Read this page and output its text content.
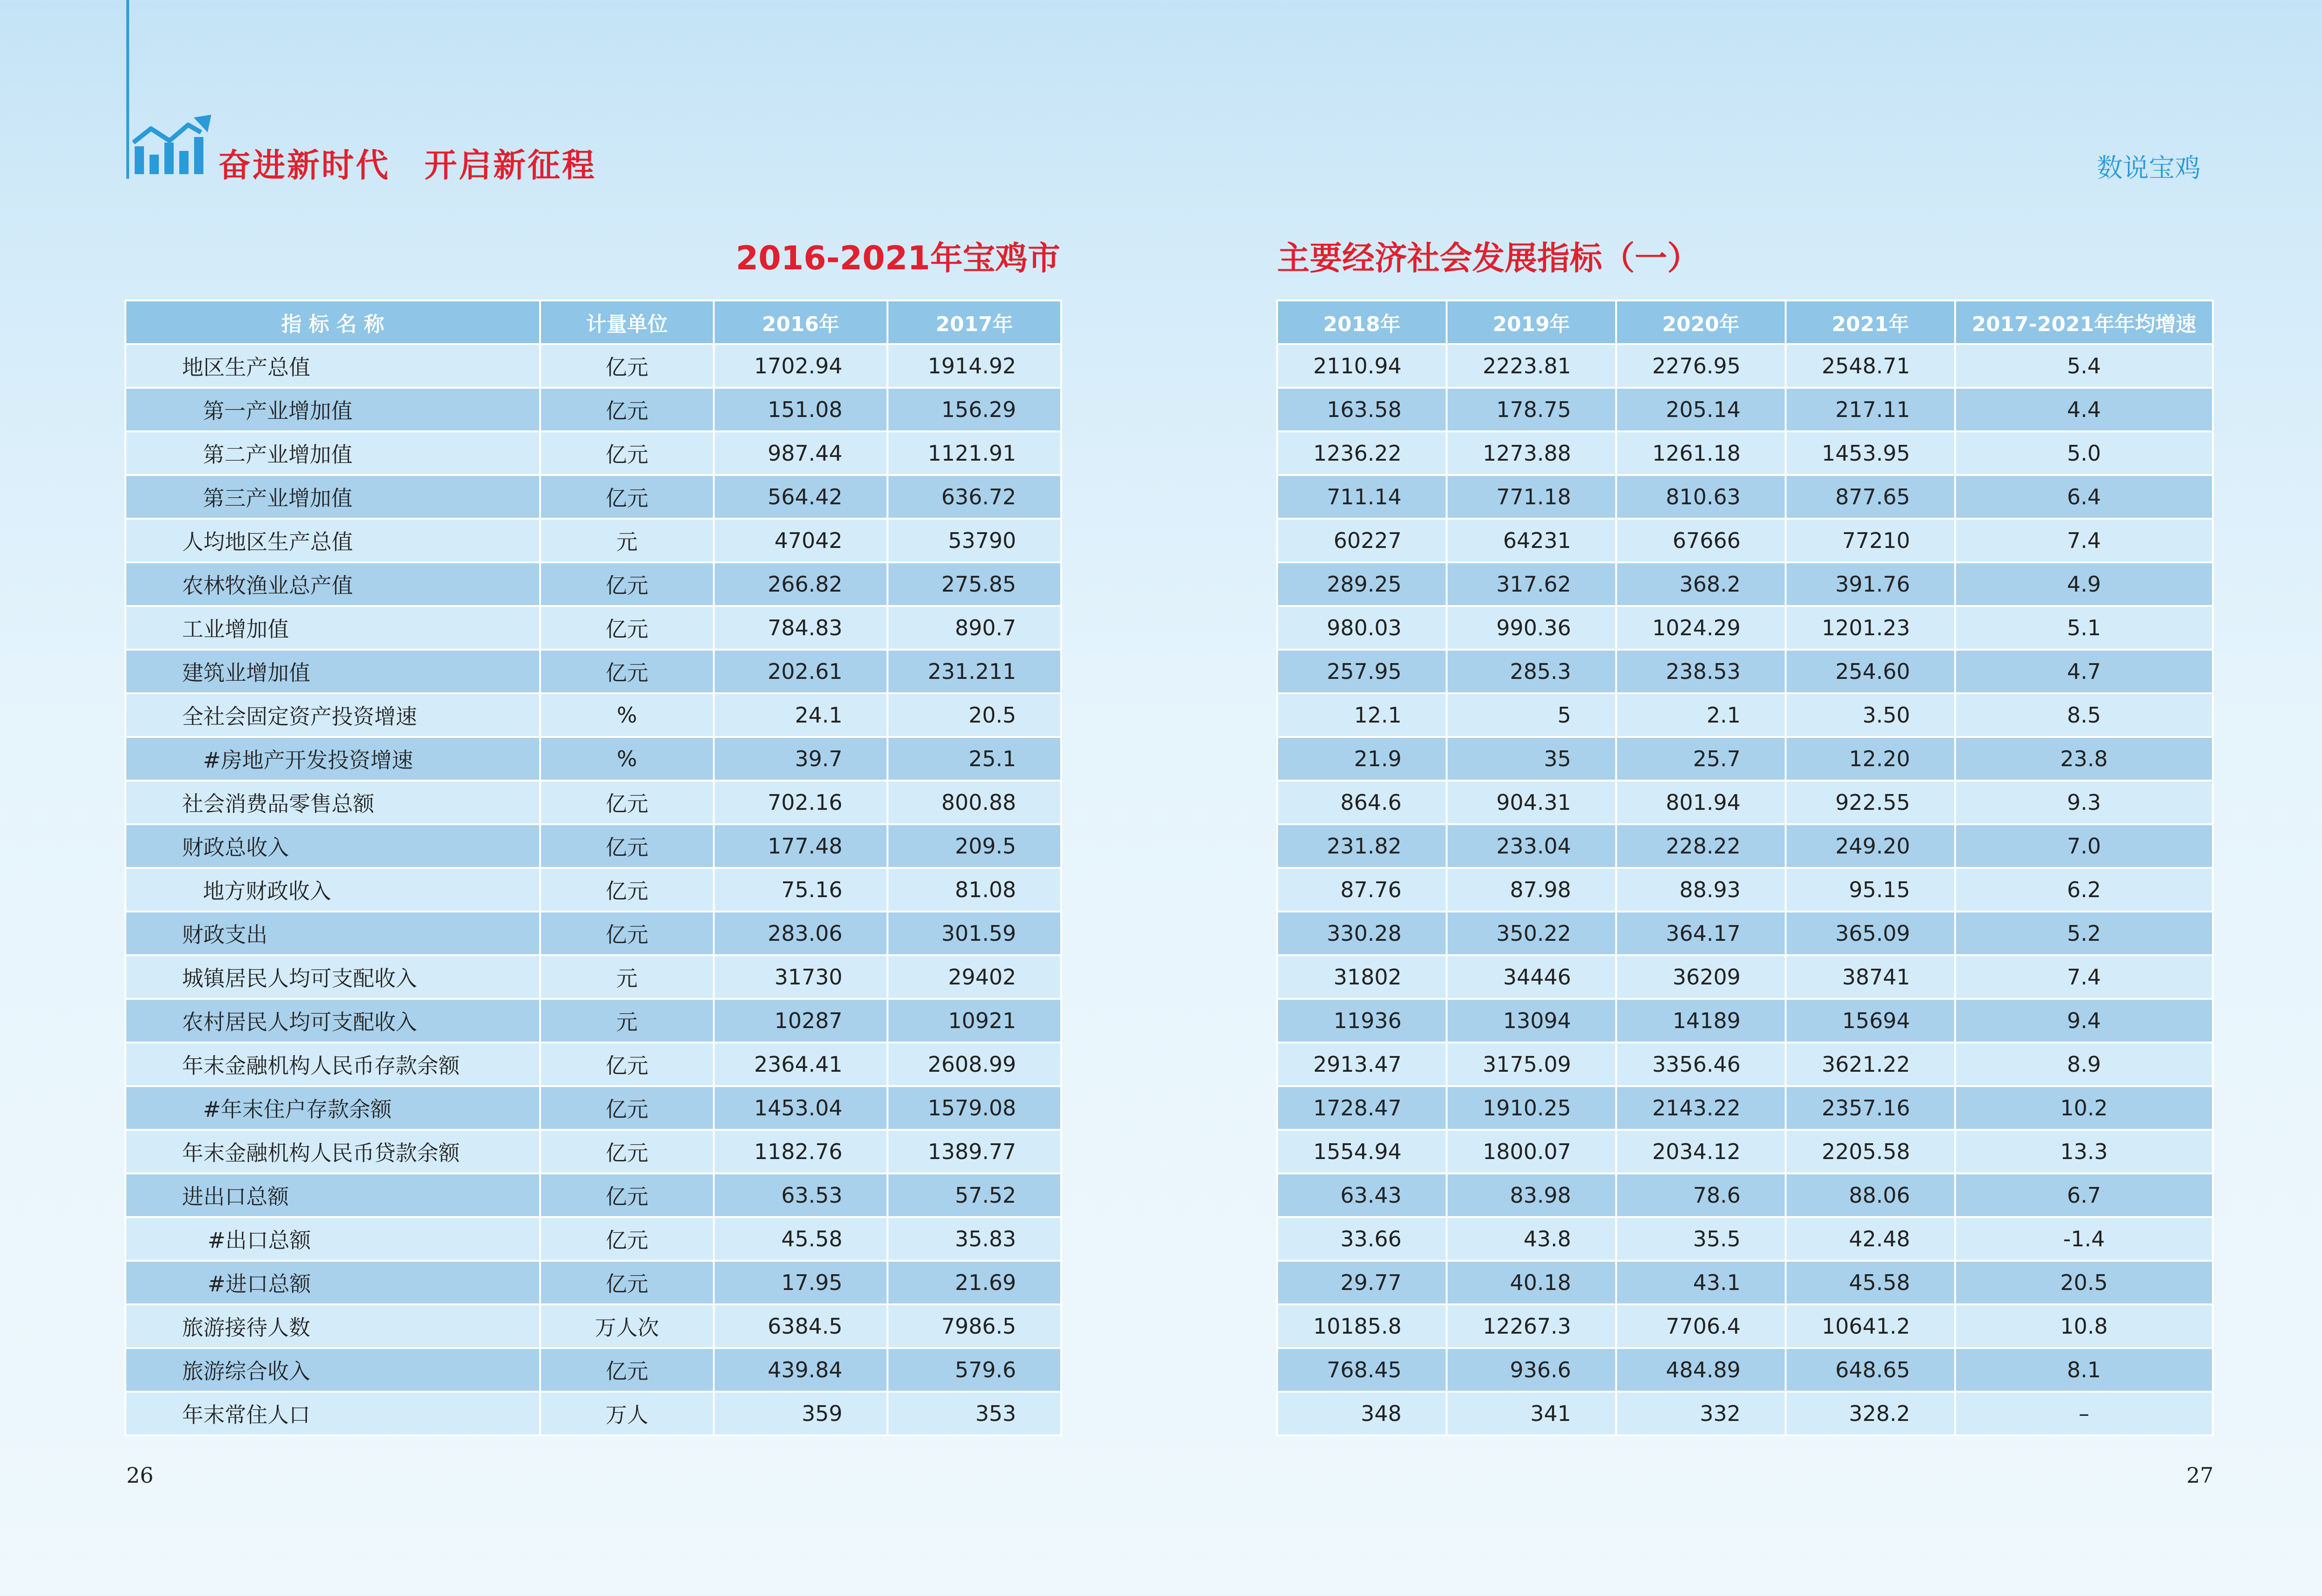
奋进新时代　开启新征程	数说宝鸡
2016-2021年宝鸡市	主要经济社会发展指标（一）
指 标 名 称	计量单位	2016年	2017年
地区生产总值	亿元	1702.94	1914.92
第一产业增加值	亿元	151.08	156.29
第二产业增加值	亿元	987.44	1121.91
第三产业增加值	亿元	564.42	636.72
人均地区生产总值	元	47042	53790
农林牧渔业总产值	亿元	266.82	275.85
工业增加值	亿元	784.83	890.7
建筑业增加值	亿元	202.61	231.211
全社会固定资产投资增速	%	24.1	20.5
#房地产开发投资增速	%	39.7	25.1
社会消费品零售总额	亿元	702.16	800.88
财政总收入	亿元	177.48	209.5
地方财政收入	亿元	75.16	81.08
财政支出	亿元	283.06	301.59
城镇居民人均可支配收入	元	31730	29402
农村居民人均可支配收入	元	10287	10921
年末金融机构人民币存款余额	亿元	2364.41	2608.99
#年末住户存款余额	亿元	1453.04	1579.08
年末金融机构人民币贷款余额	亿元	1182.76	1389.77
进出口总额	亿元	63.53	57.52
#出口总额	亿元	45.58	35.83
#进口总额	亿元	17.95	21.69
旅游接待人数	万人次	6384.5	7986.5
旅游综合收入	亿元	439.84	579.6
年末常住人口	万人	359	353
2018年	2019年	2020年	2021年	2017-2021年年均增速
2110.94	2223.81	2276.95	2548.71	5.4
163.58	178.75	205.14	217.11	4.4
1236.22	1273.88	1261.18	1453.95	5.0
711.14	771.18	810.63	877.65	6.4
60227	64231	67666	77210	7.4
289.25	317.62	368.2	391.76	4.9
980.03	990.36	1024.29	1201.23	5.1
257.95	285.3	238.53	254.60	4.7
12.1	5	2.1	3.50	8.5
21.9	35	25.7	12.20	23.8
864.6	904.31	801.94	922.55	9.3
231.82	233.04	228.22	249.20	7.0
87.76	87.98	88.93	95.15	6.2
330.28	350.22	364.17	365.09	5.2
31802	34446	36209	38741	7.4
11936	13094	14189	15694	9.4
2913.47	3175.09	3356.46	3621.22	8.9
1728.47	1910.25	2143.22	2357.16	10.2
1554.94	1800.07	2034.12	2205.58	13.3
63.43	83.98	78.6	88.06	6.7
33.66	43.8	35.5	42.48	-1.4
29.77	40.18	43.1	45.58	20.5
10185.8	12267.3	7706.4	10641.2	10.8
768.45	936.6	484.89	648.65	8.1
348	341	332	328.2	–
26	27
